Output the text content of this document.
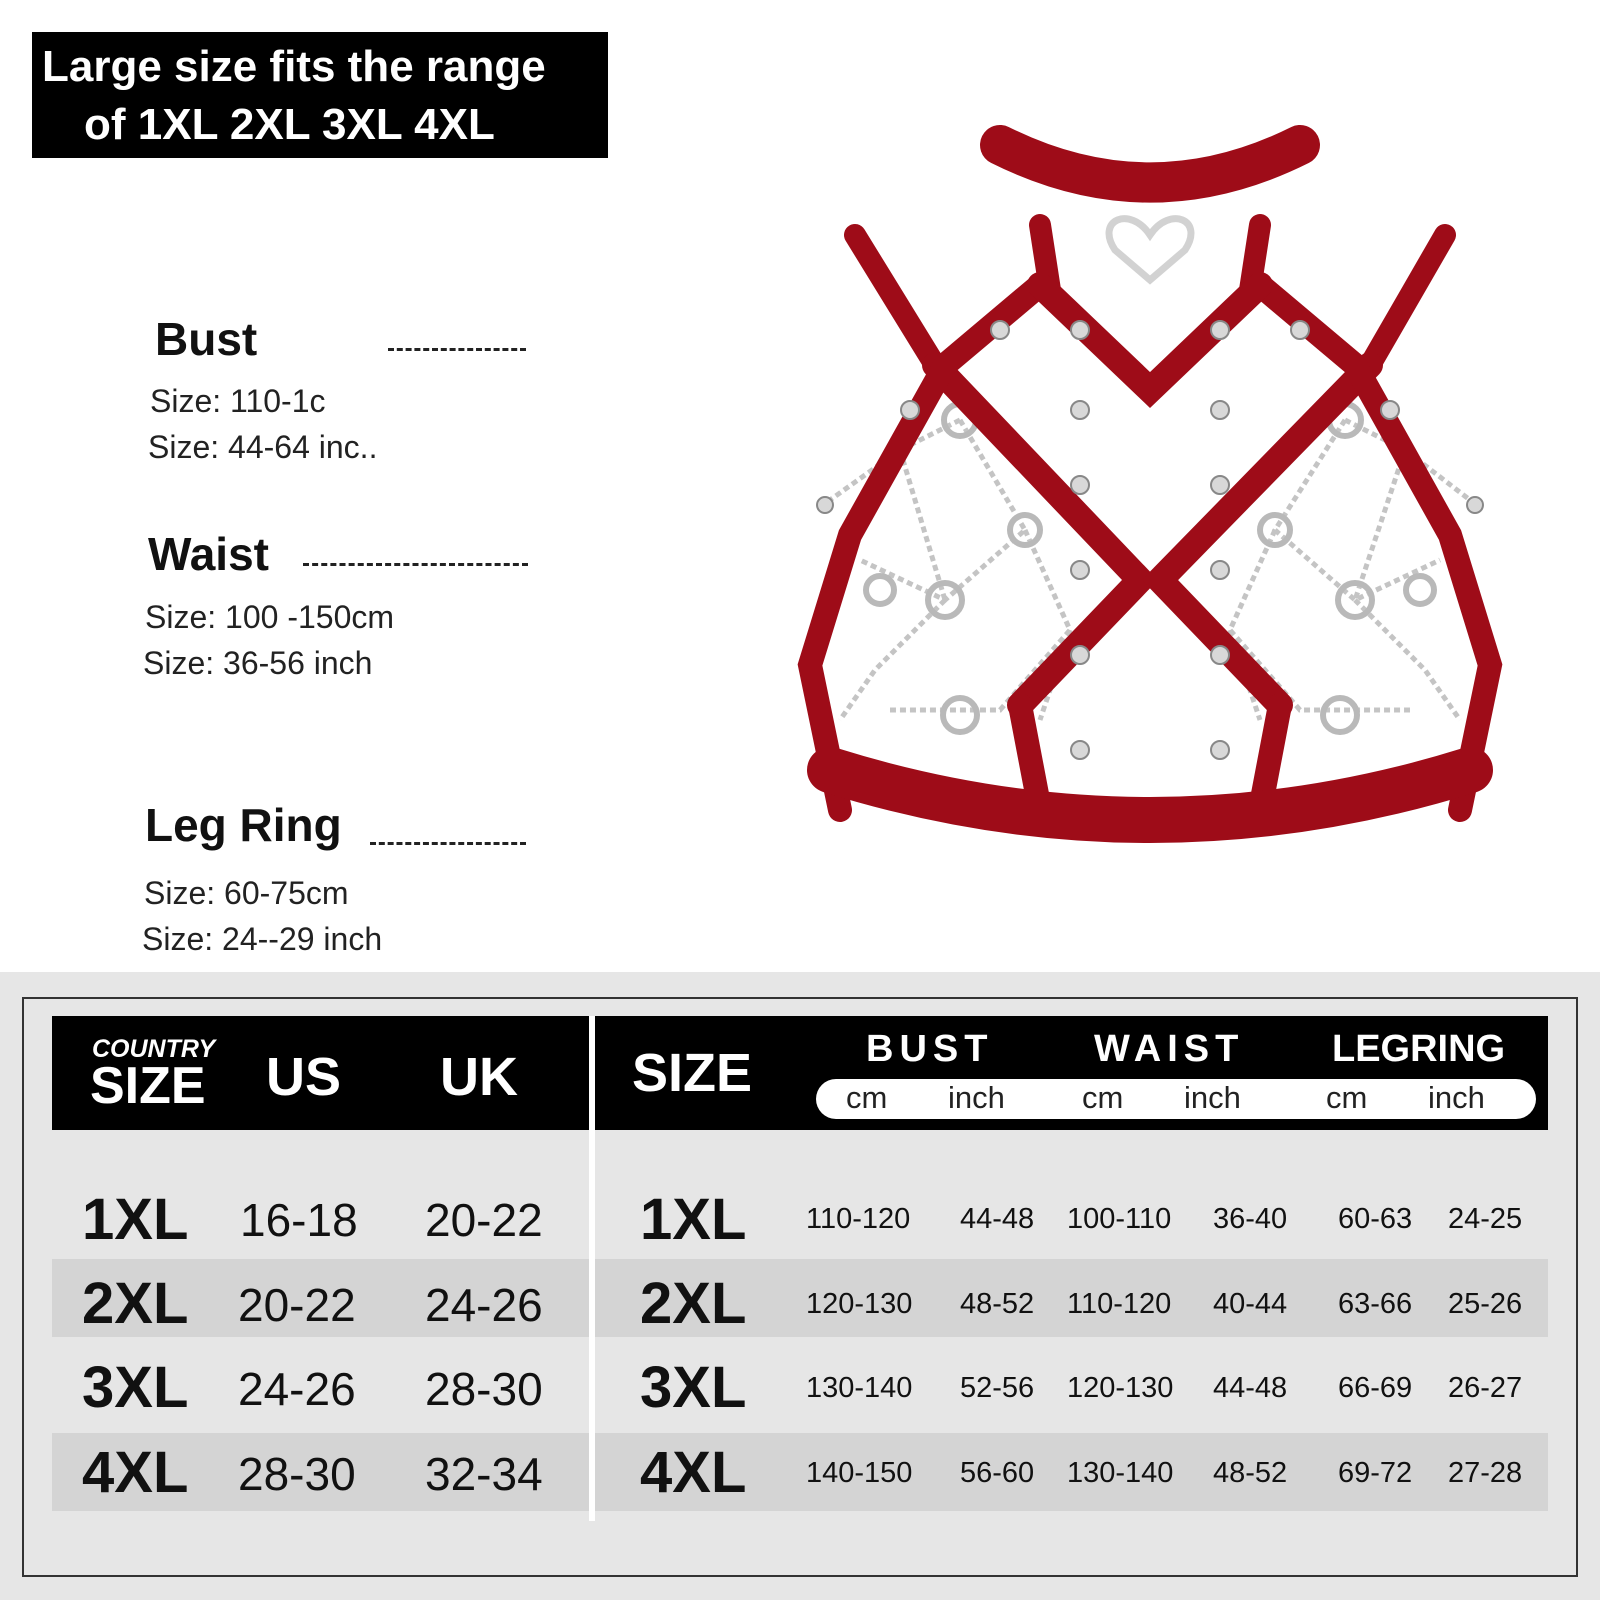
Large size fits the range
of 1XL 2XL 3XL 4XL
Bust
Size: 110-1с
Size: 44-64 inc..
Waist
Size: 100 -150cm
Size: 36-56 inch
Leg Ring
Size: 60-75cm
Size: 24--29 inch
COUNTRY
SIZE US UK SIZE	BUST	WAIST LEGRING
cm inch cm inch	cm inch
1XL 16-18 20-22 1XL 110-120 44-48 100-110 36-40 60-63 24-25
2XL 20-22 24-26 2XL 120-130 48-52 110-120 40-44 63-66 25-26
3XL 24-26 28-30 3XL 130-140 52-56 120-130 44-48 66-69 26-27
4XL 28-30 32-34 4XL 140-150 56-60 130-140 48-52 69-72 27-28
